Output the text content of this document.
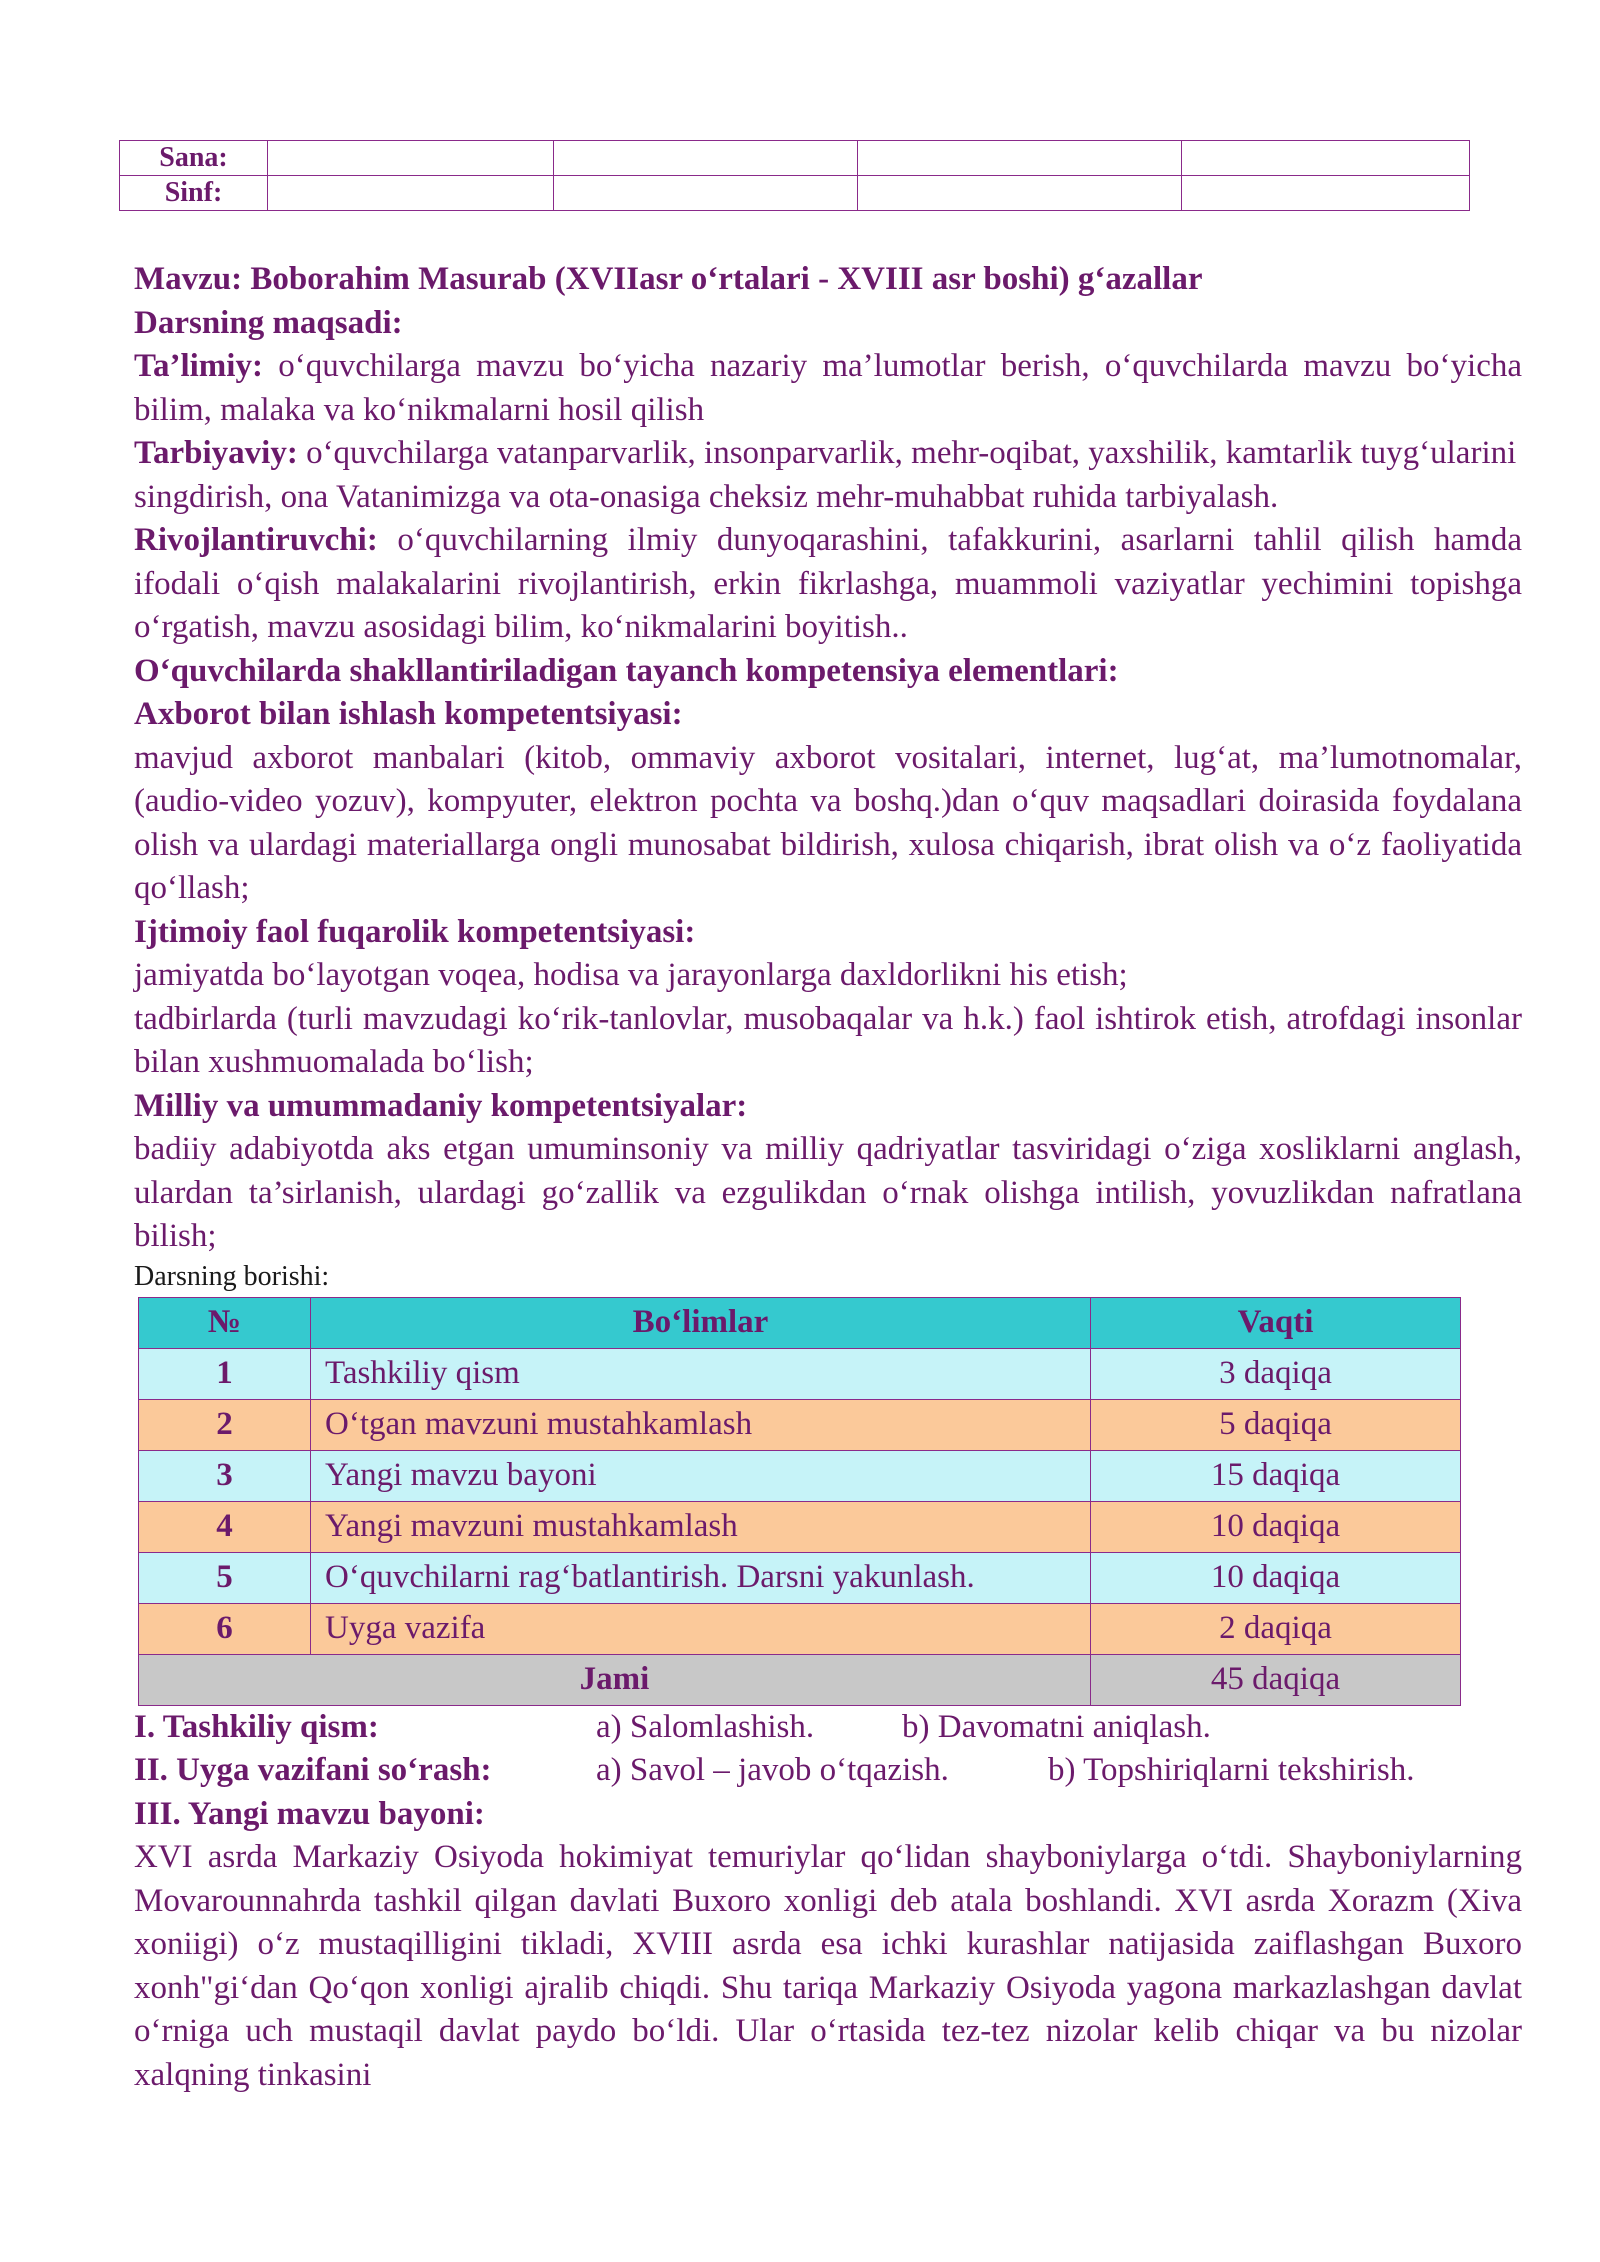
Sana:				
Sinf:				

Mavzu: Boborahim Masurab (XVIIasr o‘rtalari - XVIII asr boshi) g‘azallar

Darsning maqsadi:

Ta’limiy: o‘quvchilarga mavzu bo‘yicha nazariy ma’lumotlar berish, o‘quvchilarda mavzu bo‘yicha bilim, malaka va ko‘nikmalarni hosil qilish

Tarbiyaviy: o‘quvchilarga vatanparvarlik, insonparvarlik, mehr-oqibat, yaxshilik, kamtarlik tuyg‘ularini singdirish, ona Vatanimizga va ota-onasiga cheksiz mehr-muhabbat ruhida tarbiyalash.

Rivojlantiruvchi: o‘quvchilarning ilmiy dunyoqarashini, tafakkurini, asarlarni tahlil qilish hamda ifodali o‘qish malakalarini rivojlantirish, erkin fikrlashga, muammoli vaziyatlar yechimini topishga o‘rgatish, mavzu asosidagi bilim, ko‘nikmalarini boyitish..

O‘quvchilarda shakllantiriladigan tayanch kompetensiya elementlari:

Axborot bilan ishlash kompetentsiyasi:

mavjud axborot manbalari (kitob, ommaviy axborot vositalari, internet, lug‘at, ma’lumotnomalar, (audio-video yozuv), kompyuter, elektron pochta va boshq.)dan o‘quv maqsadlari doirasida foydalana olish va ulardagi materiallarga ongli munosabat bildirish, xulosa chiqarish, ibrat olish va o‘z faoliyatida qo‘llash;

Ijtimoiy faol fuqarolik kompetentsiyasi:

jamiyatda bo‘layotgan voqea, hodisa va jarayonlarga daxldorlikni his etish;

tadbirlarda (turli mavzudagi ko‘rik-tanlovlar, musobaqalar va h.k.) faol ishtirok etish, atrofdagi insonlar bilan xushmuomalada bo‘lish;

Milliy va umummadaniy kompetentsiyalar:

badiiy adabiyotda aks etgan umuminsoniy va milliy qadriyatlar tasviridagi o‘ziga xosliklarni anglash, ulardan ta’sirlanish, ulardagi go‘zallik va ezgulikdan o‘rnak olishga intilish, yovuzlikdan nafratlana bilish;

Darsning borishi:

№	Bo‘limlar	Vaqti
1	Tashkiliy qism	3 daqiqa
2	O‘tgan mavzuni mustahkamlash	5 daqiqa
3	Yangi mavzu bayoni	15 daqiqa
4	Yangi mavzuni mustahkamlash	10 daqiqa
5	O‘quvchilarni rag‘batlantirish. Darsni yakunlash.	10 daqiqa
6	Uyga vazifa	2 daqiqa
Jami		45 daqiqa

I. Tashkiliy qism:	a) Salomlashish.	b) Davomatni aniqlash.

II. Uyga vazifani so‘rash:	a) Savol – javob o‘tqazish.	b) Topshiriqlarni tekshirish.

III. Yangi mavzu bayoni:

XVI asrda Markaziy Osiyoda hokimiyat temuriylar qo‘lidan shayboniylarga o‘tdi. Shayboniylarning Movarounnahrda tashkil qilgan davlati Buxoro xonligi deb atala boshlandi. XVI asrda Xorazm (Xiva xoniigi) o‘z mustaqilligini tikladi, XVIII asrda esa ichki kurashlar natijasida zaiflashgan Buxoro xonh"gi‘dan Qo‘qon xonligi ajralib chiqdi. Shu tariqa Markaziy Osiyoda yagona markazlashgan davlat o‘rniga uch mustaqil davlat paydo bo‘ldi. Ular o‘rtasida tez-tez nizolar kelib chiqar va bu nizolar xalqning tinkasini
